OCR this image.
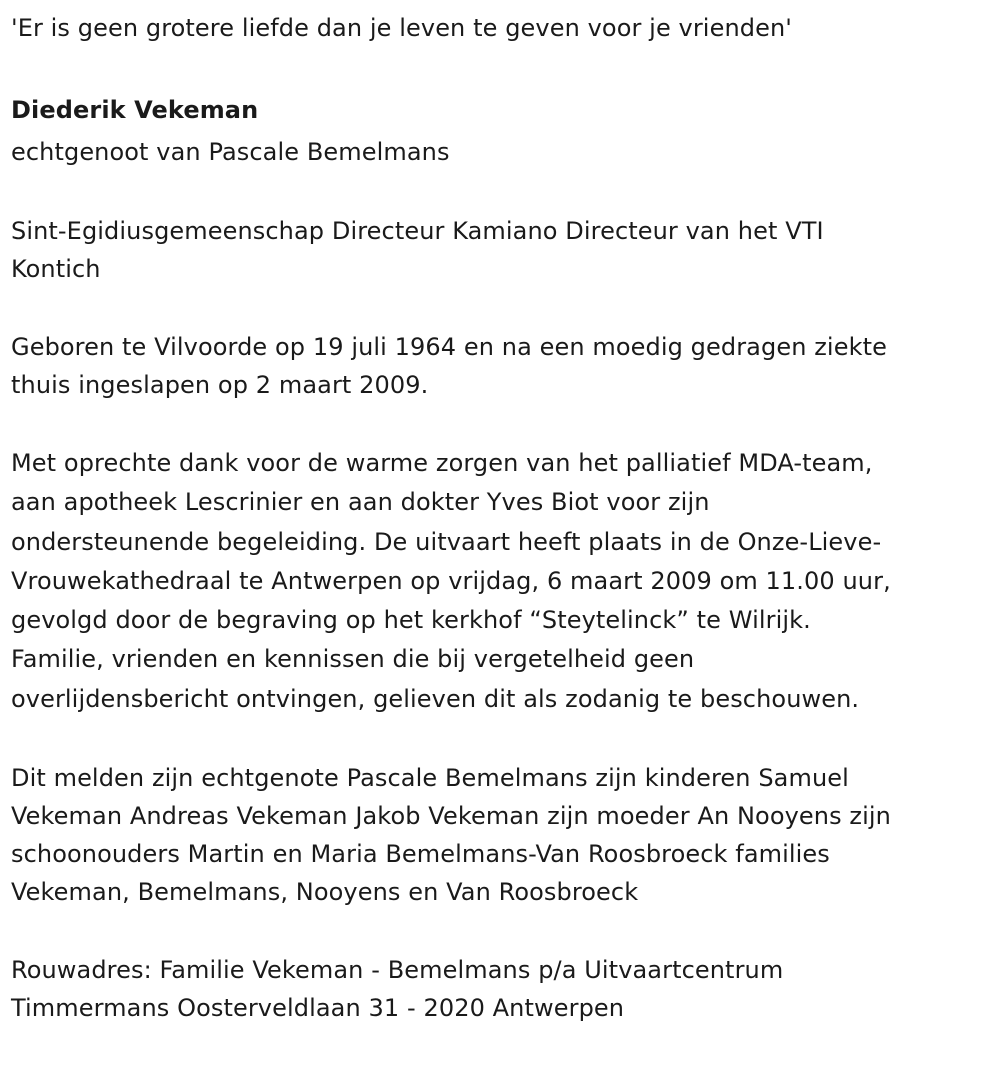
'Er is geen grotere liefde dan je leven te geven voor je vrienden'

Diederik Vekeman

echtgenoot van Pascale Bemelmans

Sint-Egidiusgemeenschap Directeur Kamiano Directeur van het VTI

Kontich

Geboren te Vilvoorde op 19 juli 1964 en na een moedig gedragen ziekte

thuis ingeslapen op 2 maart 2009.

Met oprechte dank voor de warme zorgen van het palliatief MDA-team,

aan apotheek Lescrinier en aan dokter Yves Biot voor zijn

ondersteunende begeleiding. De uitvaart heeft plaats in de Onze-Lieve-

Vrouwekathedraal te Antwerpen op vrijdag, 6 maart 2009 om 11.00 uur,

gevolgd door de begraving op het kerkhof “Steytelinck” te Wilrijk.

Familie, vrienden en kennissen die bij vergetelheid geen

overlijdensbericht ontvingen, gelieven dit als zodanig te beschouwen.

Dit melden zijn echtgenote Pascale Bemelmans zijn kinderen Samuel

Vekeman Andreas Vekeman Jakob Vekeman zijn moeder An Nooyens zijn

schoonouders Martin en Maria Bemelmans-Van Roosbroeck families

Vekeman, Bemelmans, Nooyens en Van Roosbroeck

Rouwadres: Familie Vekeman - Bemelmans p/a Uitvaartcentrum

Timmermans Oosterveldlaan 31 - 2020 Antwerpen
